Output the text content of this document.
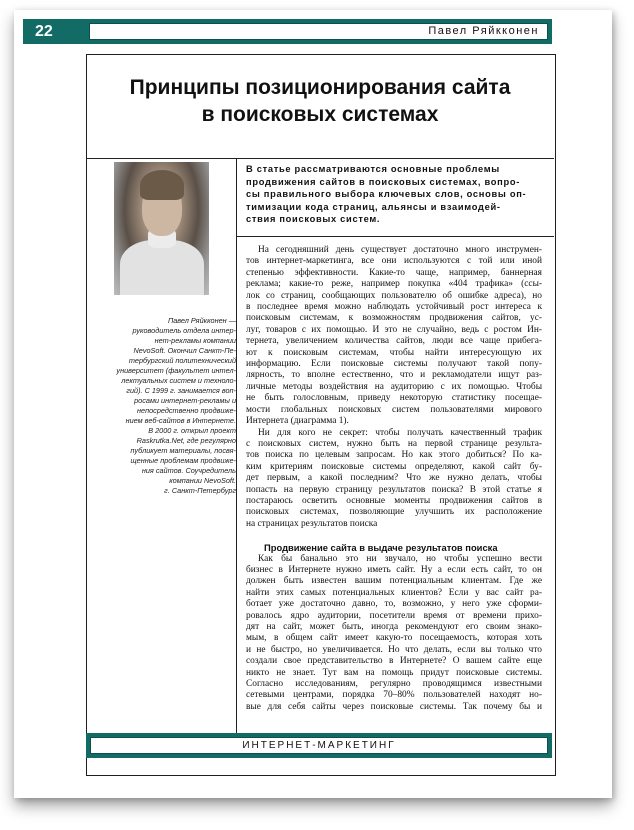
22	Павел Ряйкконен
Принципы позиционирования сайта
в поисковых системах
Павел Ряйкконен —
руководитель отдела интер-
нет-рекламы компании
NevoSoft. Окончил Санкт-Пе-
тербургский политехнический
университет (факультет интел-
лектуальных систем и техноло-
гий). С 1999 г. занимается воп-
росами интернет-рекламы и
непосредственно продвиже-
нием веб-сайтов в Интернете.
В 2000 г. открыл проект
Raskrutka.Net, где регулярно
публикует материалы, посвя-
щенные проблемам продвиже-
ния сайтов. Соучредитель
компании NevoSoft.
г. Санкт-Петербург
В статье рассматриваются основные проблемы
продвижения сайтов в поисковых системах, вопро-
сы правильного выбора ключевых слов, основы оп-
тимизации кода страниц, альянсы и взаимодей-
ствия поисковых систем.
На сегодняшний день существует достаточно много инструмен-
тов интернет-маркетинга, все они используются с той или иной
степенью эффективности. Какие-то чаще, например, баннерная
реклама; какие-то реже, например покупка «404 трафика» (ссы-
лок со страниц, сообщающих пользователю об ошибке адреса), но
в последнее время можно наблюдать устойчивый рост интереса к
поисковым системам, к возможностям продвижения сайтов, ус-
луг, товаров с их помощью. И это не случайно, ведь с ростом Ин-
тернета, увеличением количества сайтов, люди все чаще прибега-
ют к поисковым системам, чтобы найти интересующую их
информацию. Если поисковые системы получают такой попу-
лярность, то вполне естественно, что и рекламодатели ищут раз-
личные методы воздействия на аудиторию с их помощью. Чтобы
не быть голословным, приведу некоторую статистику посещае-
мости глобальных поисковых систем пользователями мирового
Интернета (диаграмма 1).
Ни для кого не секрет: чтобы получать качественный трафик
с поисковых систем, нужно быть на первой странице результа-
тов поиска по целевым запросам. Но как этого добиться? По ка-
ким критериям поисковые системы определяют, какой сайт бу-
дет первым, а какой последним? Что же нужно делать, чтобы
попасть на первую страницу результатов поиска? В этой статье я
постараюсь осветить основные моменты продвижения сайтов в
поисковых системах, позволяющие улучшить их расположение
на страницах результатов поиска
Продвижение сайта в выдаче результатов поиска
Как бы банально это ни звучало, но чтобы успешно вести
бизнес в Интернете нужно иметь сайт. Ну а если есть сайт, то он
должен быть известен вашим потенциальным клиентам. Где же
найти этих самых потенциальных клиентов? Если у вас сайт ра-
ботает уже достаточно давно, то, возможно, у него уже сформи-
ровалось ядро аудитории, посетители время от времени прихо-
дят на сайт, может быть, иногда рекомендуют его своим знако-
мым, в общем сайт имеет какую-то посещаемость, которая хоть
и не быстро, но увеличивается. Но что делать, если вы только что
создали свое представительство в Интернете? О вашем сайте еще
никто не знает. Тут вам на помощь придут поисковые системы.
Согласно исследованиям, регулярно проводящимся известными
сетевыми центрами, порядка 70–80% пользователей находят но-
вые для себя сайты через поисковые системы. Так почему бы и
ИНТЕРНЕТ-МАРКЕТИНГ
